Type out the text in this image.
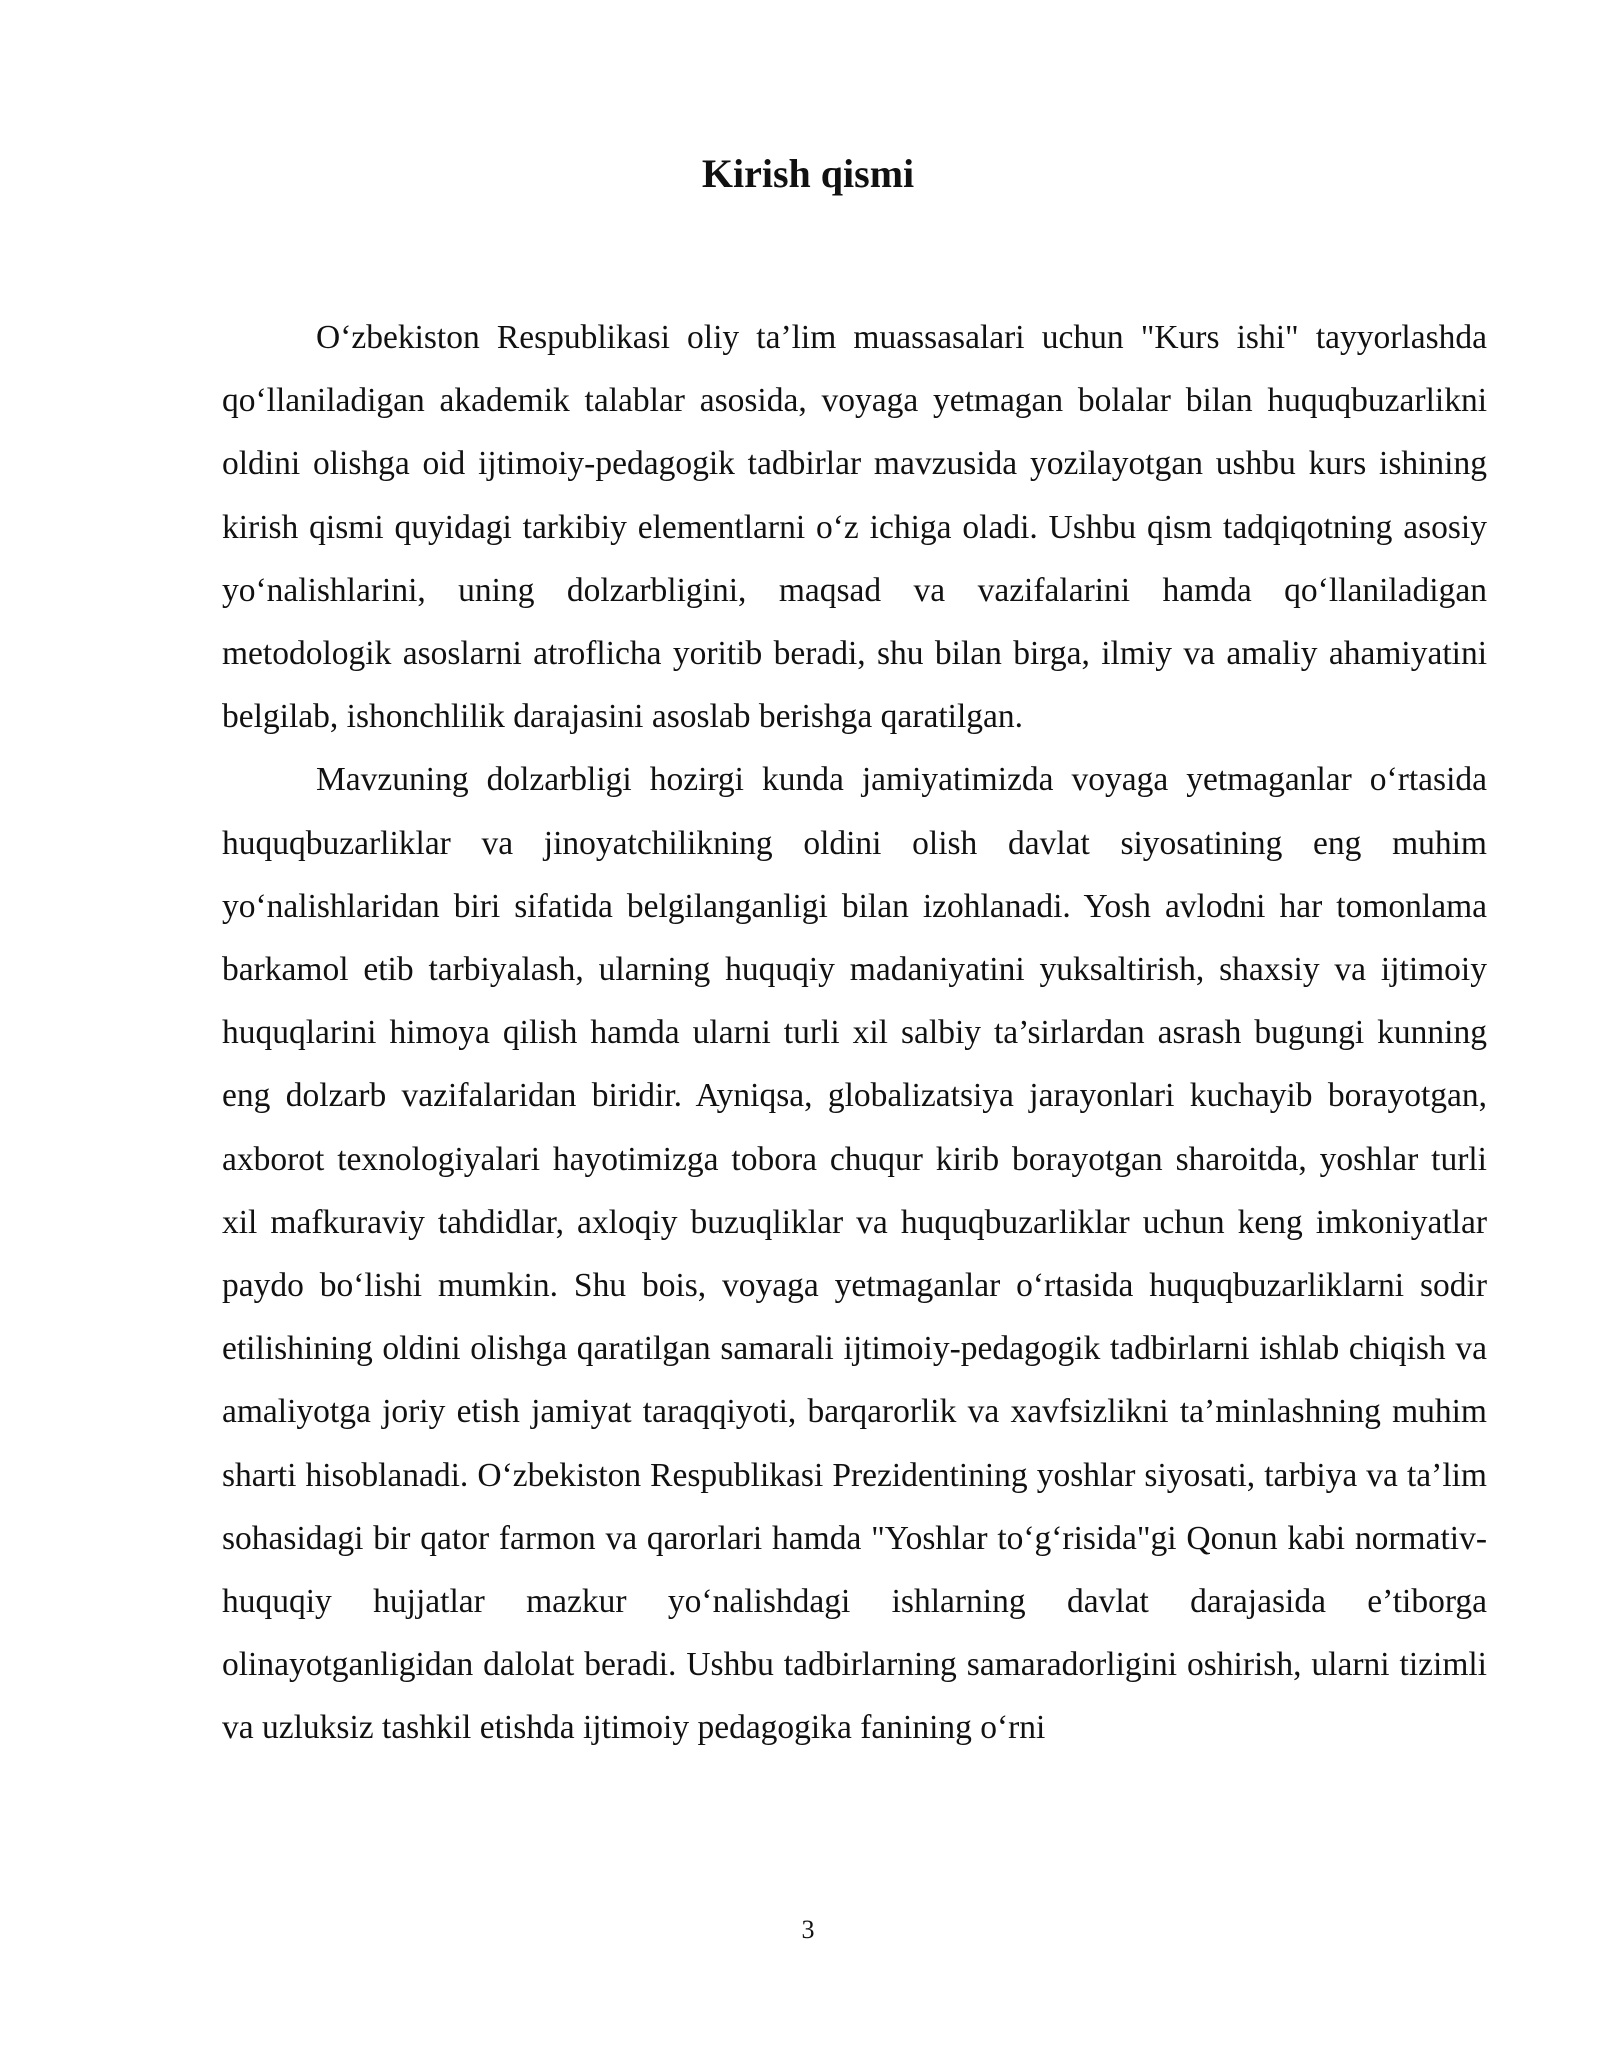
Kirish qismi

O‘zbekiston Respublikasi oliy ta’lim muassasalari uchun "Kurs ishi" tayyorlashda qo‘llaniladigan akademik talablar asosida, voyaga yetmagan bolalar bilan huquqbuzarlikni oldini olishga oid ijtimoiy-pedagogik tadbirlar mavzusida yozilayotgan ushbu kurs ishining kirish qismi quyidagi tarkibiy elementlarni o‘z ichiga oladi. Ushbu qism tadqiqotning asosiy yo‘nalishlarini, uning dolzarbligini, maqsad va vazifalarini hamda qo‘llaniladigan metodologik asoslarni atroflicha yoritib beradi, shu bilan birga, ilmiy va amaliy ahamiyatini belgilab, ishonchlilik darajasini asoslab berishga qaratilgan.

Mavzuning dolzarbligi hozirgi kunda jamiyatimizda voyaga yetmaganlar o‘rtasida huquqbuzarliklar va jinoyatchilikning oldini olish davlat siyosatining eng muhim yo‘nalishlaridan biri sifatida belgilanganligi bilan izohlanadi. Yosh avlodni har tomonlama barkamol etib tarbiyalash, ularning huquqiy madaniyatini yuksaltirish, shaxsiy va ijtimoiy huquqlarini himoya qilish hamda ularni turli xil salbiy ta’sirlardan asrash bugungi kunning eng dolzarb vazifalaridan biridir. Ayniqsa, globalizatsiya jarayonlari kuchayib borayotgan, axborot texnologiyalari hayotimizga tobora chuqur kirib borayotgan sharoitda, yoshlar turli xil mafkuraviy tahdidlar, axloqiy buzuqliklar va huquqbuzarliklar uchun keng imkoniyatlar paydo bo‘lishi mumkin. Shu bois, voyaga yetmaganlar o‘rtasida huquqbuzarliklarni sodir etilishining oldini olishga qaratilgan samarali ijtimoiy-pedagogik tadbirlarni ishlab chiqish va amaliyotga joriy etish jamiyat taraqqiyoti, barqarorlik va xavfsizlikni ta’minlashning muhim sharti hisoblanadi. O‘zbekiston Respublikasi Prezidentining yoshlar siyosati, tarbiya va ta’lim sohasidagi bir qator farmon va qarorlari hamda "Yoshlar to‘g‘risida"gi Qonun kabi normativ-huquqiy hujjatlar mazkur yo‘nalishdagi ishlarning davlat darajasida e’tiborga olinayotganligidan dalolat beradi. Ushbu tadbirlarning samaradorligini oshirish, ularni tizimli va uzluksiz tashkil etishda ijtimoiy pedagogika fanining o‘rni

3
